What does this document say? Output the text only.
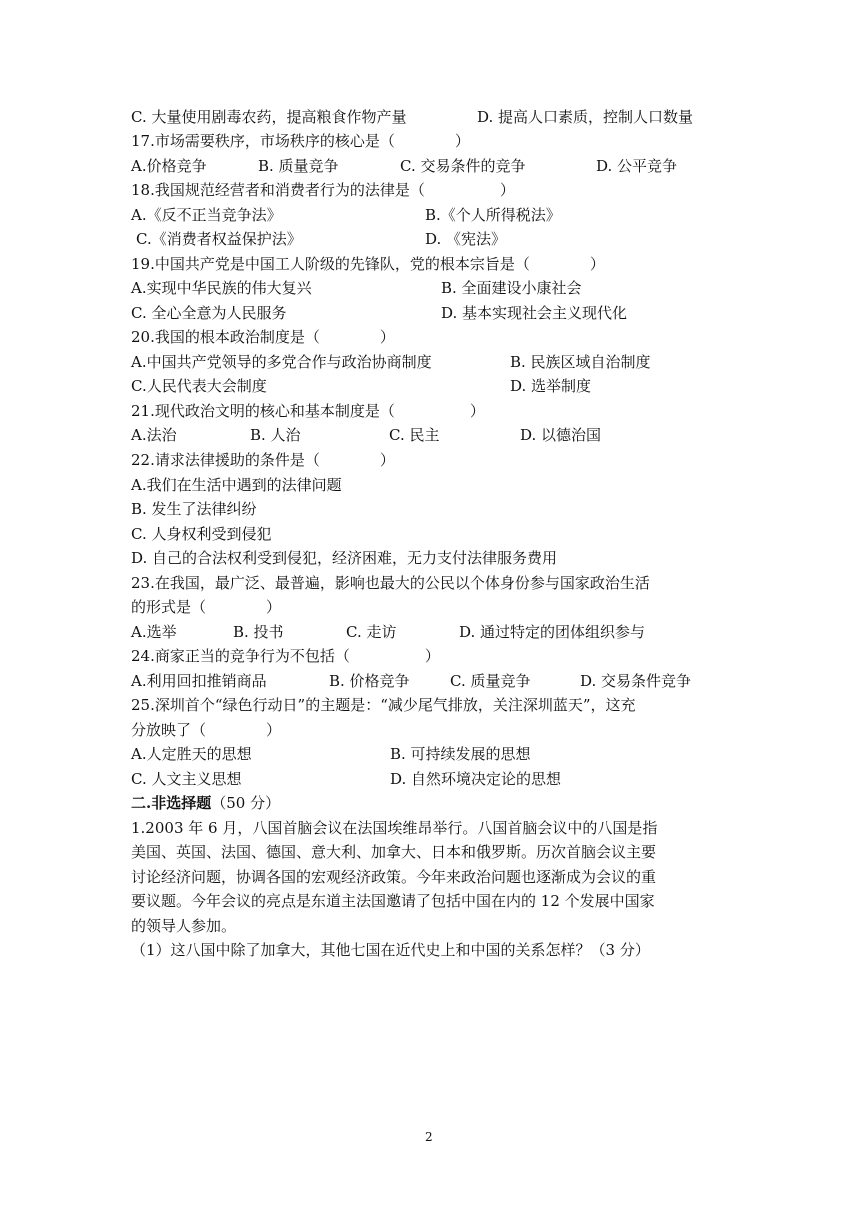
C. 大量使用剧毒农药，提高粮食作物产量	D. 提高人口素质，控制人口数量
17.市场需要秩序，市场秩序的核心是（　　　　）
A.价格竞争	B. 质量竞争	C. 交易条件的竞争	D. 公平竞争
18.我国规范经营者和消费者行为的法律是（　　　　　）
A.《反不正当竞争法》	B.《个人所得税法》
C.《消费者权益保护法》	D. 《宪法》
19.中国共产党是中国工人阶级的先锋队，党的根本宗旨是（　　　　）
A.实现中华民族的伟大复兴	B. 全面建设小康社会
C. 全心全意为人民服务	D. 基本实现社会主义现代化
20.我国的根本政治制度是（　　　　）
A.中国共产党领导的多党合作与政治协商制度	B. 民族区域自治制度
C.人民代表大会制度	D. 选举制度
21.现代政治文明的核心和基本制度是（　　　　　）
A.法治	B. 人治	C. 民主	D. 以德治国
22.请求法律援助的条件是（　　　　）
A.我们在生活中遇到的法律问题
B. 发生了法律纠纷
C. 人身权利受到侵犯
D. 自己的合法权利受到侵犯，经济困难，无力支付法律服务费用
23.在我国，最广泛、最普遍，影响也最大的公民以个体身份参与国家政治生活
的形式是（　　　　）
A.选举	B. 投书	C. 走访	D. 通过特定的团体组织参与
24.商家正当的竞争行为不包括（　　　　　）
A.利用回扣推销商品	B. 价格竞争	C. 质量竞争	D. 交易条件竞争
25.深圳首个“绿色行动日”的主题是：“减少尾气排放，关注深圳蓝天”，这充
分放映了（　　　　）
A.人定胜天的思想	B. 可持续发展的思想
C. 人文主义思想	D. 自然环境决定论的思想
二.非选择题（50 分）
1.2003 年 6 月，八国首脑会议在法国埃维昂举行。八国首脑会议中的八国是指
美国、英国、法国、德国、意大利、加拿大、日本和俄罗斯。历次首脑会议主要
讨论经济问题，协调各国的宏观经济政策。今年来政治问题也逐渐成为会议的重
要议题。今年会议的亮点是东道主法国邀请了包括中国在内的 12 个发展中国家
的领导人参加。
（1）这八国中除了加拿大，其他七国在近代史上和中国的关系怎样？（3 分）
2
